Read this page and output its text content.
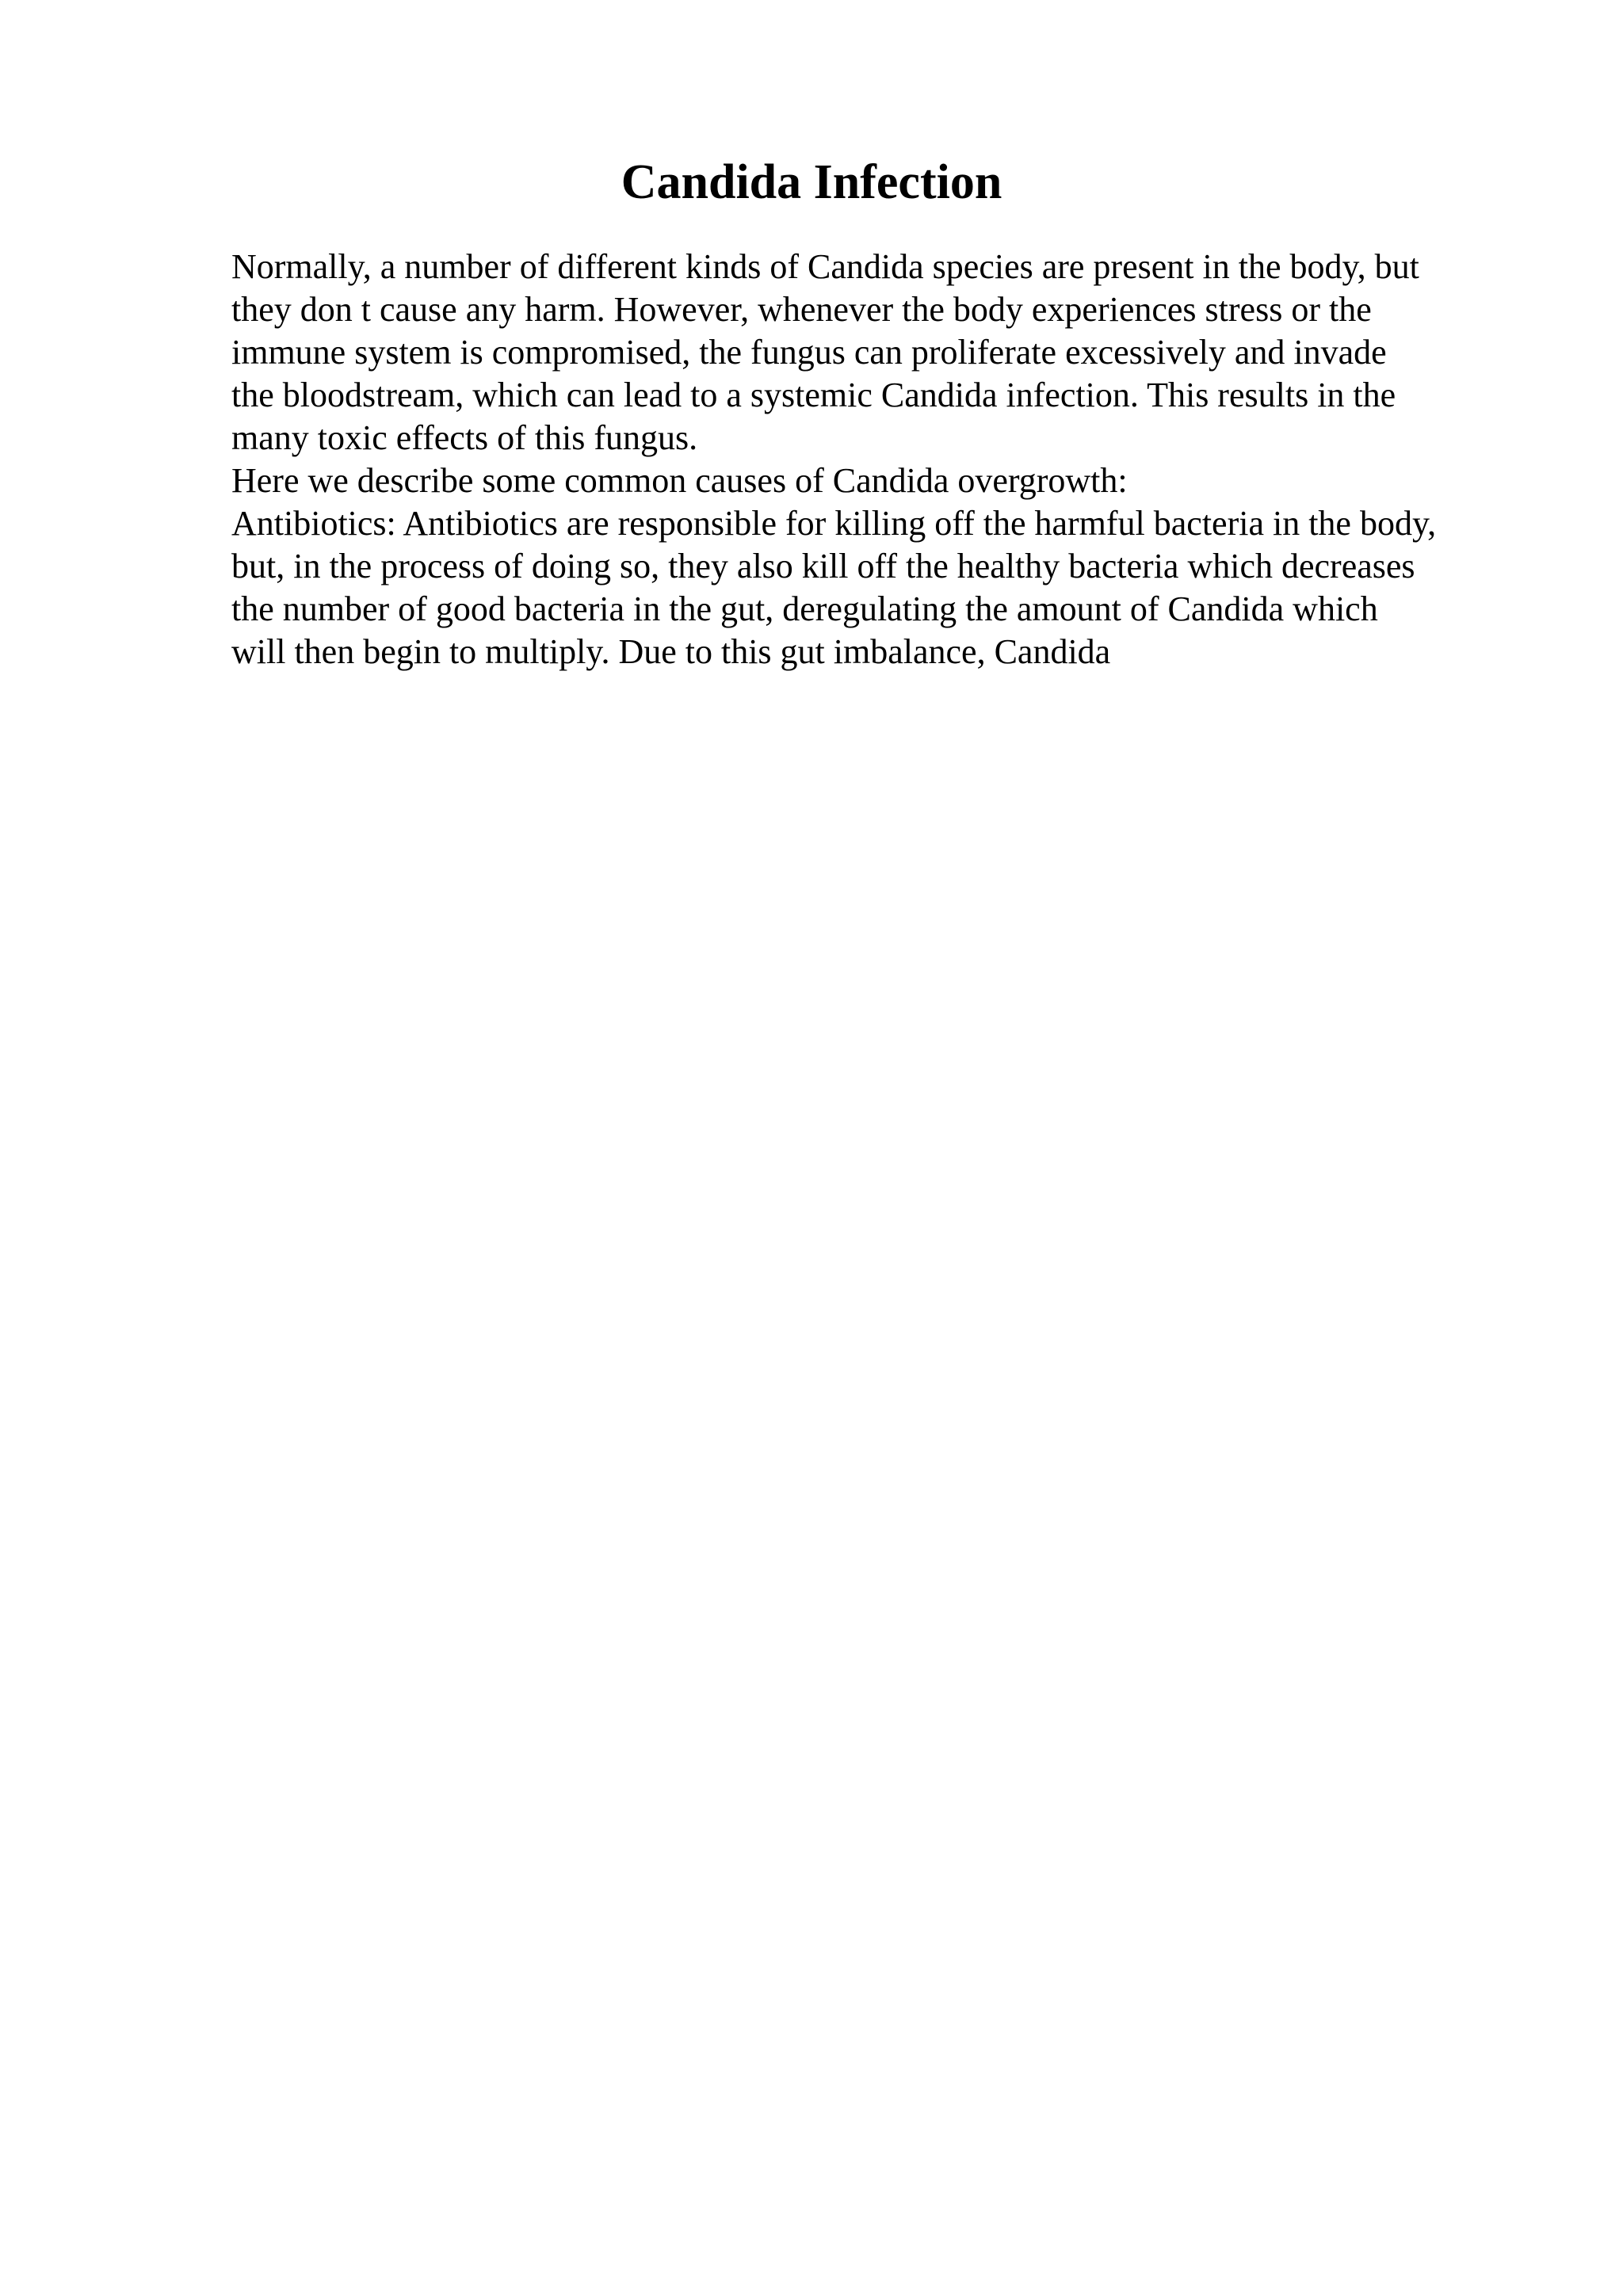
Candida Infection
Normally, a number of different kinds of Candida species are present in the body, but
they don t cause any harm. However, whenever the body experiences stress or the
immune system is compromised, the fungus can proliferate excessively and invade
the bloodstream, which can lead to a systemic Candida infection. This results in the
many toxic effects of this fungus.
Here we describe some common causes of Candida overgrowth:
Antibiotics: Antibiotics are responsible for killing off the harmful bacteria in the body,
but, in the process of doing so, they also kill off the healthy bacteria which decreases
the number of good bacteria in the gut, deregulating the amount of Candida which
will then begin to multiply. Due to this gut imbalance, Candida
